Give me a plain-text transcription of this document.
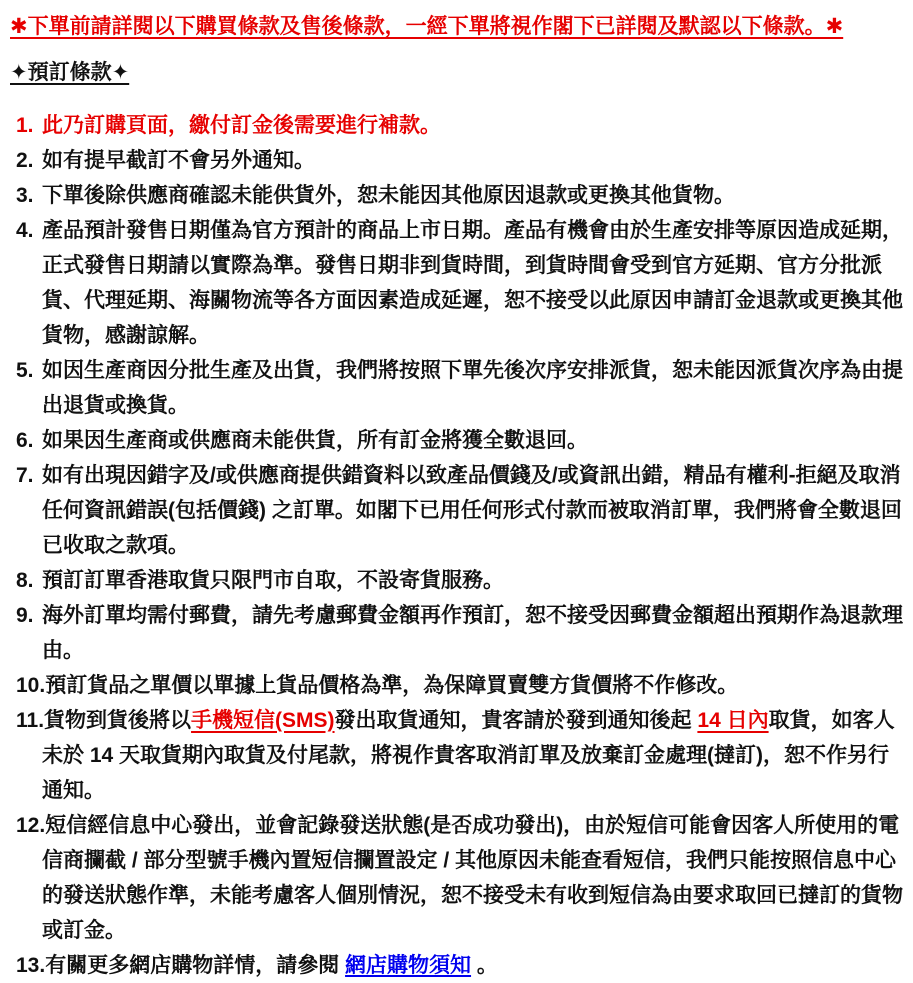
✱下單前請詳閱以下購買條款及售後條款，一經下單將視作閣下已詳閱及默認以下條款。✱
✦預訂條款✦
1. 此乃訂購頁面，繳付訂金後需要進行補款。
2. 如有提早截訂不會另外通知。
3. 下單後除供應商確認未能供貨外，恕未能因其他原因退款或更換其他貨物。
4. 產品預計發售日期僅為官方預計的商品上市日期。產品有機會由於生產安排等原因造成延期，正式發售日期請以實際為準。發售日期非到貨時間，到貨時間會受到官方延期、官方分批派貨、代理延期、海關物流等各方面因素造成延遲，恕不接受以此原因申請訂金退款或更換其他貨物，感謝諒解。
5. 如因生產商因分批生產及出貨，我們將按照下單先後次序安排派貨，恕未能因派貨次序為由提出退貨或換貨。
6. 如果因生產商或供應商未能供貨，所有訂金將獲全數退回。
7. 如有出現因錯字及/或供應商提供錯資料以致產品價錢及/或資訊出錯，精品有權利-拒絕及取消任何資訊錯誤(包括價錢) 之訂單。如閣下已用任何形式付款而被取消訂單，我們將會全數退回已收取之款項。
8. 預訂訂單香港取貨只限門市自取，不設寄貨服務。
9. 海外訂單均需付郵費，請先考慮郵費金額再作預訂，恕不接受因郵費金額超出預期作為退款理由。
10.預訂貨品之單價以單據上貨品價格為準，為保障買賣雙方貨價將不作修改。
11.貨物到貨後將以手機短信(SMS)發出取貨通知，貴客請於發到通知後起 14 日內取貨，如客人未於 14 天取貨期內取貨及付尾款，將視作貴客取消訂單及放棄訂金處理(撻訂)，恕不作另行通知。
12.短信經信息中心發出，並會記錄發送狀態(是否成功發出)，由於短信可能會因客人所使用的電信商攔截 / 部分型號手機內置短信攔置設定 / 其他原因未能查看短信，我們只能按照信息中心的發送狀態作準，未能考慮客人個別情況，恕不接受未有收到短信為由要求取回已撻訂的貨物或訂金。
13.有關更多網店購物詳情，請參閱 網店購物須知 。
